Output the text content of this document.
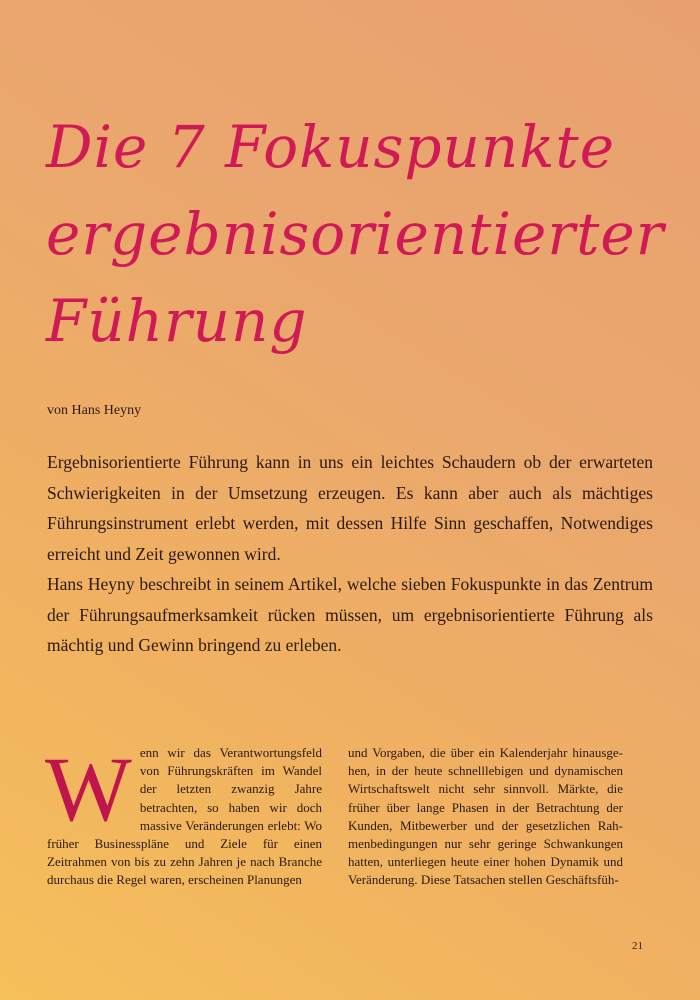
Die 7 Fokuspunkte
ergebnisorientierter
Führung

von Hans Heyny

Ergebnisorientierte Führung kann in uns ein leichtes Schaudern ob der erwarteten Schwierigkeiten in der Umsetzung erzeugen. Es kann aber auch als mächtiges Führungsinstrument erlebt werden, mit dessen Hilfe Sinn geschaffen, Notwendiges erreicht und Zeit gewonnen wird.

Hans Heyny beschreibt in seinem Artikel, welche sieben Fokuspunkte in das Zentrum der Führungsaufmerksamkeit rücken müssen, um ergebnisorientierte Führung als mächtig und Gewinn bringend zu erleben.

Wenn wir das Verantwortungsfeld von Führungskräften im Wandel der letzten zwanzig Jahre betrachten, so haben wir doch massive Veränderungen erlebt: Wo früher Businesspläne und Ziele für einen Zeitrahmen von bis zu zehn Jahren je nach Branche durchaus die Regel waren, erscheinen Planungen

und Vorgaben, die über ein Kalenderjahr hinausgehen, in der heute schnelllebigen und dynamischen Wirtschaftswelt nicht sehr sinnvoll. Märkte, die früher über lange Phasen in der Betrachtung der Kunden, Mitbewerber und der gesetzlichen Rahmenbedingungen nur sehr geringe Schwankungen hatten, unterliegen heute einer hohen Dynamik und Veränderung. Diese Tatsachen stellen Geschäftsfüh-

21
